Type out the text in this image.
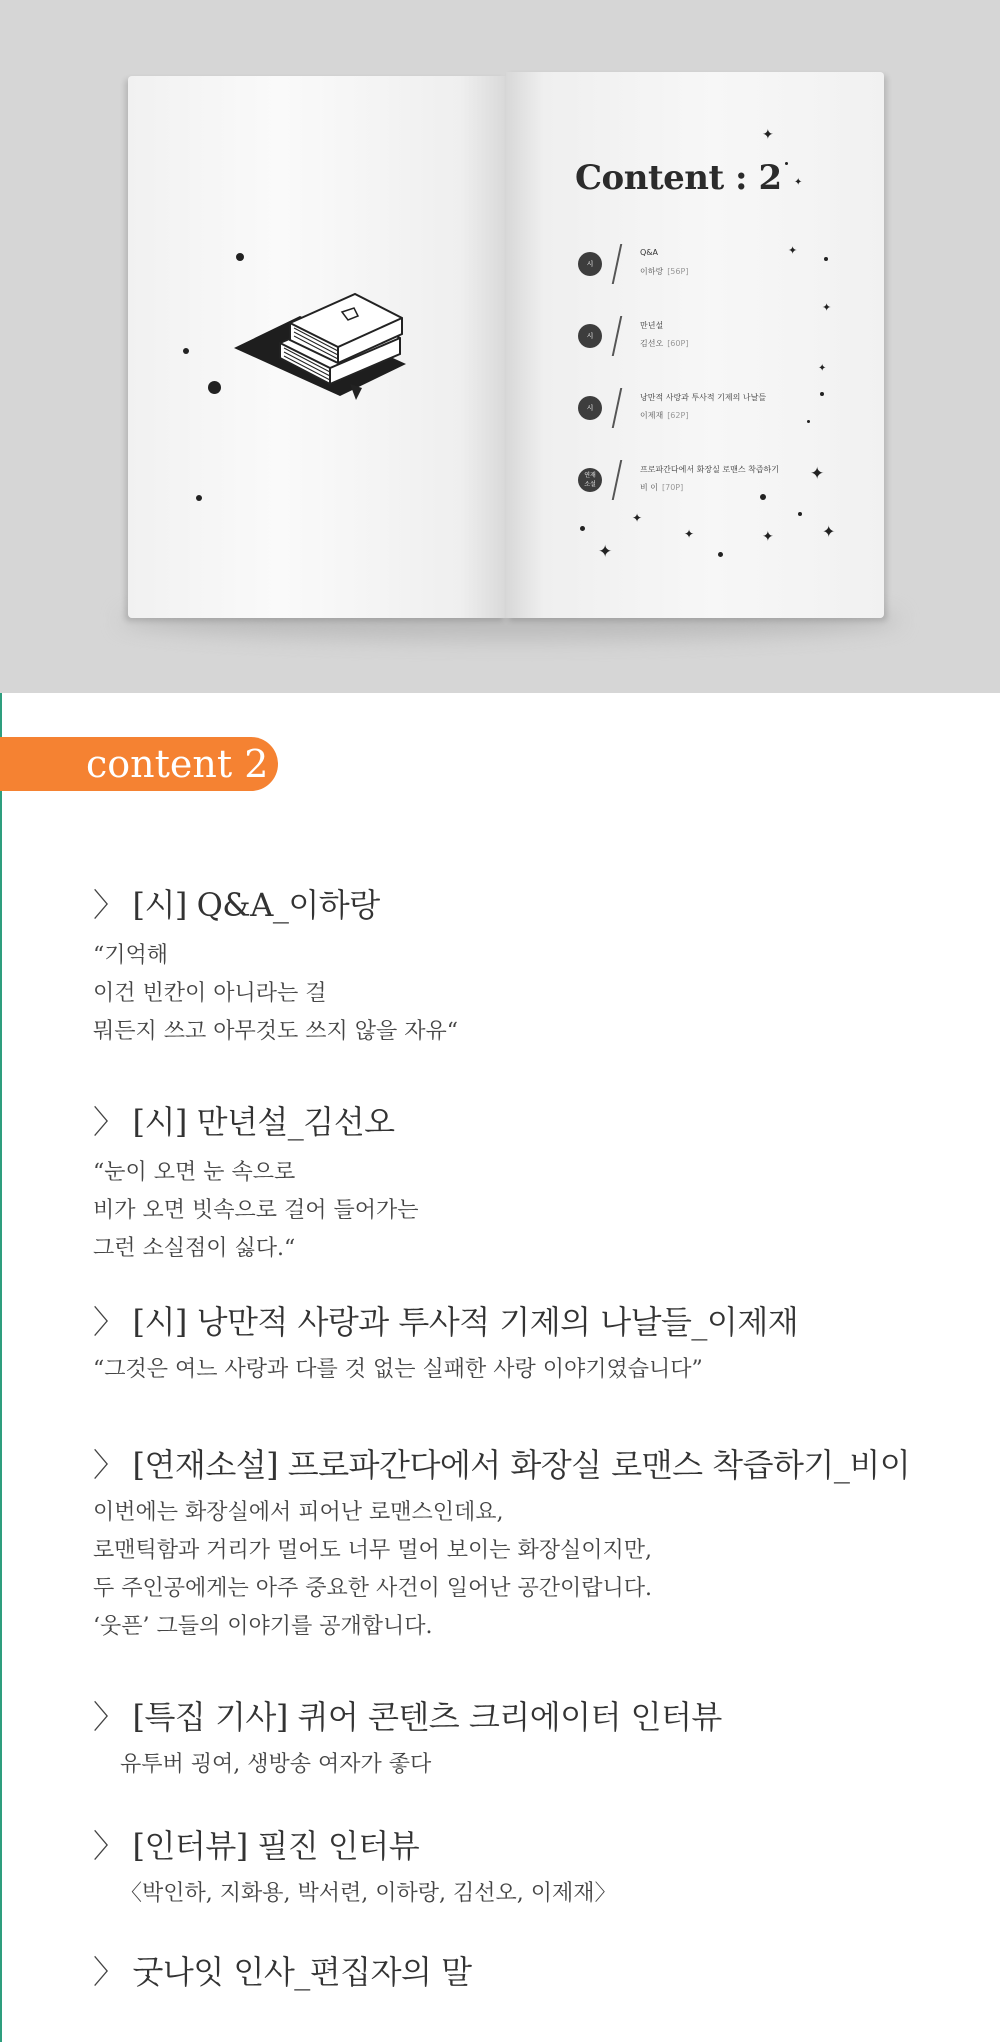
Content : 2
시
Q&A
이하랑 [56P]
시
만년설
김선오 [60P]
시
낭만적 사랑과 투사적 기제의 나날들
이제재 [62P]
연재
소설
프로파간다에서 화장실 로맨스 착즙하기
비 이 [70P]
✦
✦
✦
✦
✦
✦
✦
✦
✦
✦
✦
content 2
〉 [시] Q&A_이하랑

“기억해

이건 빈칸이 아니라는 걸

뭐든지 쓰고 아무것도 쓰지 않을 자유“

〉 [시] 만년설_김선오

“눈이 오면 눈 속으로

비가 오면 빗속으로 걸어 들어가는

그런 소실점이 싫다.“

〉 [시] 낭만적 사랑과 투사적 기제의 나날들_이제재

“그것은 여느 사랑과 다를 것 없는 실패한 사랑 이야기였습니다”

〉 [연재소설] 프로파간다에서 화장실 로맨스 착즙하기_비이

이번에는 화장실에서 피어난 로맨스인데요,

로맨틱함과 거리가 멀어도 너무 멀어 보이는 화장실이지만,

두 주인공에게는 아주 중요한 사건이 일어난 공간이랍니다.

‘웃픈’ 그들의 이야기를 공개합니다.

〉 [특집 기사] 퀴어 콘텐츠 크리에이터 인터뷰

유투버 굉여, 생방송 여자가 좋다

〉 [인터뷰] 필진 인터뷰

〈박인하, 지화용, 박서련, 이하랑, 김선오, 이제재〉

〉 굿나잇 인사_편집자의 말
